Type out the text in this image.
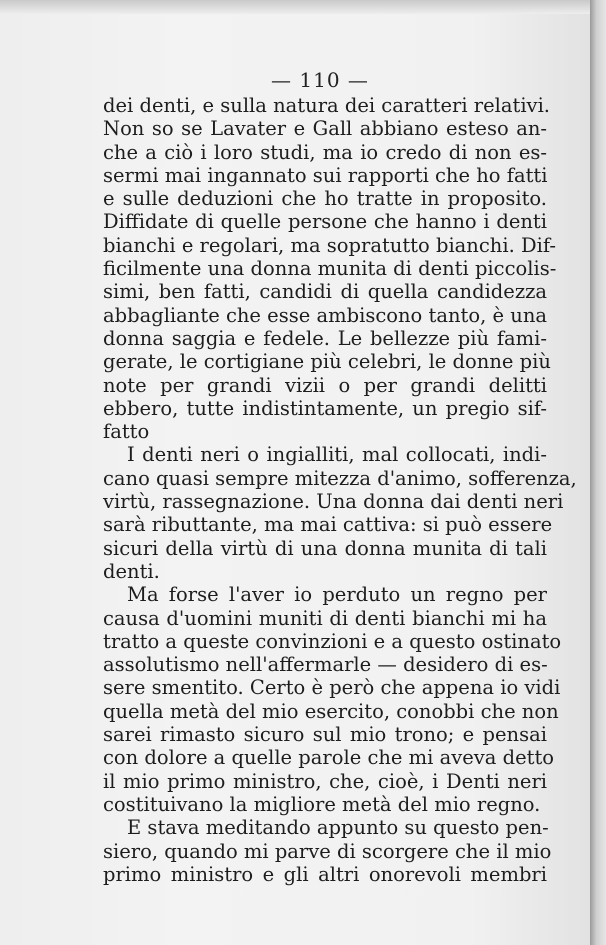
— 110 —
dei denti, e sulla natura dei caratteri relativi.
Non so se Lavater e Gall abbiano esteso an-
che a ciò i loro studi, ma io credo di non es-
sermi mai ingannato sui rapporti che ho fatti
e sulle deduzioni che ho tratte in proposito.
Diffidate di quelle persone che hanno i denti
bianchi e regolari, ma sopratutto bianchi. Dif-
ficilmente una donna munita di denti piccolis-
simi, ben fatti, candidi di quella candidezza
abbagliante che esse ambiscono tanto, è una
donna saggia e fedele. Le bellezze più fami-
gerate, le cortigiane più celebri, le donne più
note per grandi vizii o per grandi delitti
ebbero, tutte indistintamente, un pregio sif-
fatto
I denti neri o ingialliti, mal collocati, indi-
cano quasi sempre mitezza d'animo, sofferenza,
virtù, rassegnazione. Una donna dai denti neri
sarà ributtante, ma mai cattiva: si può essere
sicuri della virtù di una donna munita di tali
denti.
Ma forse l'aver io perduto un regno per
causa d'uomini muniti di denti bianchi mi ha
tratto a queste convinzioni e a questo ostinato
assolutismo nell'affermarle — desidero di es-
sere smentito. Certo è però che appena io vidi
quella metà del mio esercito, conobbi che non
sarei rimasto sicuro sul mio trono; e pensai
con dolore a quelle parole che mi aveva detto
il mio primo ministro, che, cioè, i Denti neri
costituivano la migliore metà del mio regno.
E stava meditando appunto su questo pen-
siero, quando mi parve di scorgere che il mio
primo ministro e gli altri onorevoli membri
